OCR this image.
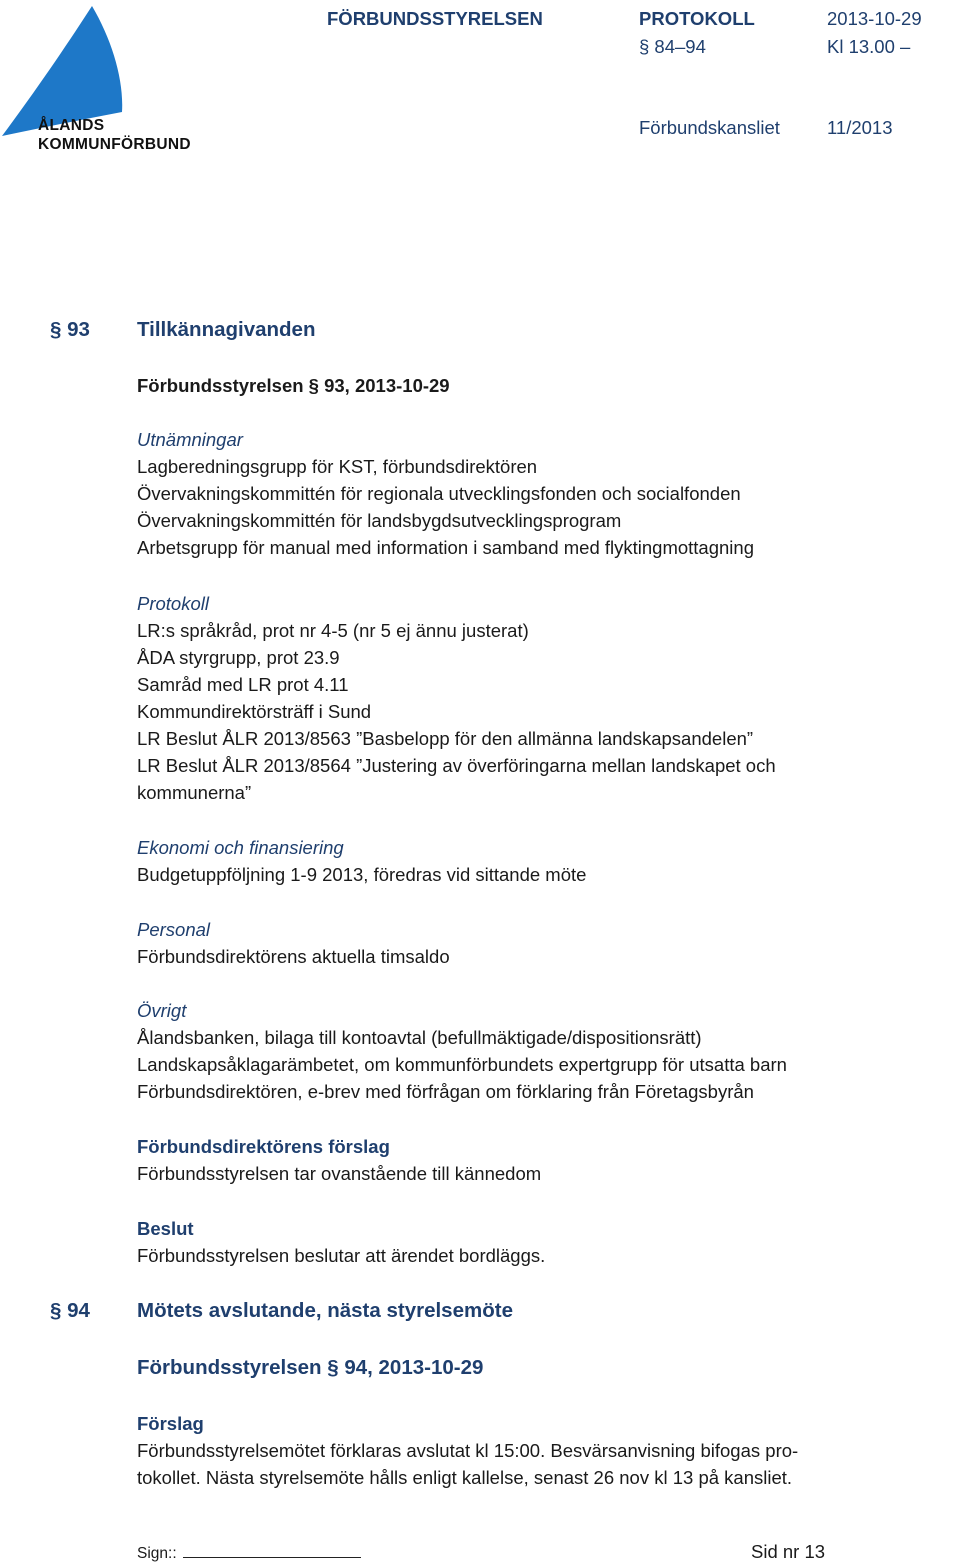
ÅLANDS
KOMMUNFÖRBUND
FÖRBUNDSSTYRELSEN	PROTOKOLL	2013-10-29
§ 84–94	Kl 13.00 –
Förbundskansliet	11/2013
§ 93 Tillkännagivanden
Förbundsstyrelsen § 93, 2013-10-29
Utnämningar
Lagberedningsgrupp för KST, förbundsdirektören
Övervakningskommittén för regionala utvecklingsfonden och socialfonden
Övervakningskommittén för landsbygdsutvecklingsprogram
Arbetsgrupp för manual med information i samband med flyktingmottagning
Protokoll
LR:s språkråd, prot nr 4-5 (nr 5 ej ännu justerat)
ÅDA styrgrupp, prot 23.9
Samråd med LR prot 4.11
Kommundirektörsträff i Sund
LR Beslut ÅLR 2013/8563 ”Basbelopp för den allmänna landskapsandelen”
LR Beslut ÅLR 2013/8564 ”Justering av överföringarna mellan landskapet och
kommunerna”
Ekonomi och finansiering
Budgetuppföljning 1-9 2013, föredras vid sittande möte
Personal
Förbundsdirektörens aktuella timsaldo
Övrigt
Ålandsbanken, bilaga till kontoavtal (befullmäktigade/dispositionsrätt)
Landskapsåklagarämbetet, om kommunförbundets expertgrupp för utsatta barn
Förbundsdirektören, e-brev med förfrågan om förklaring från Företagsbyrån
Förbundsdirektörens förslag
Förbundsstyrelsen tar ovanstående till kännedom
Beslut
Förbundsstyrelsen beslutar att ärendet bordläggs.
§ 94 Mötets avslutande, nästa styrelsemöte
Förbundsstyrelsen § 94, 2013-10-29
Förslag
Förbundsstyrelsemötet förklaras avslutat kl 15:00. Besvärsanvisning bifogas pro-
tokollet. Nästa styrelsemöte hålls enligt kallelse, senast 26 nov kl 13 på kansliet.
Sign::	Sid nr 13
